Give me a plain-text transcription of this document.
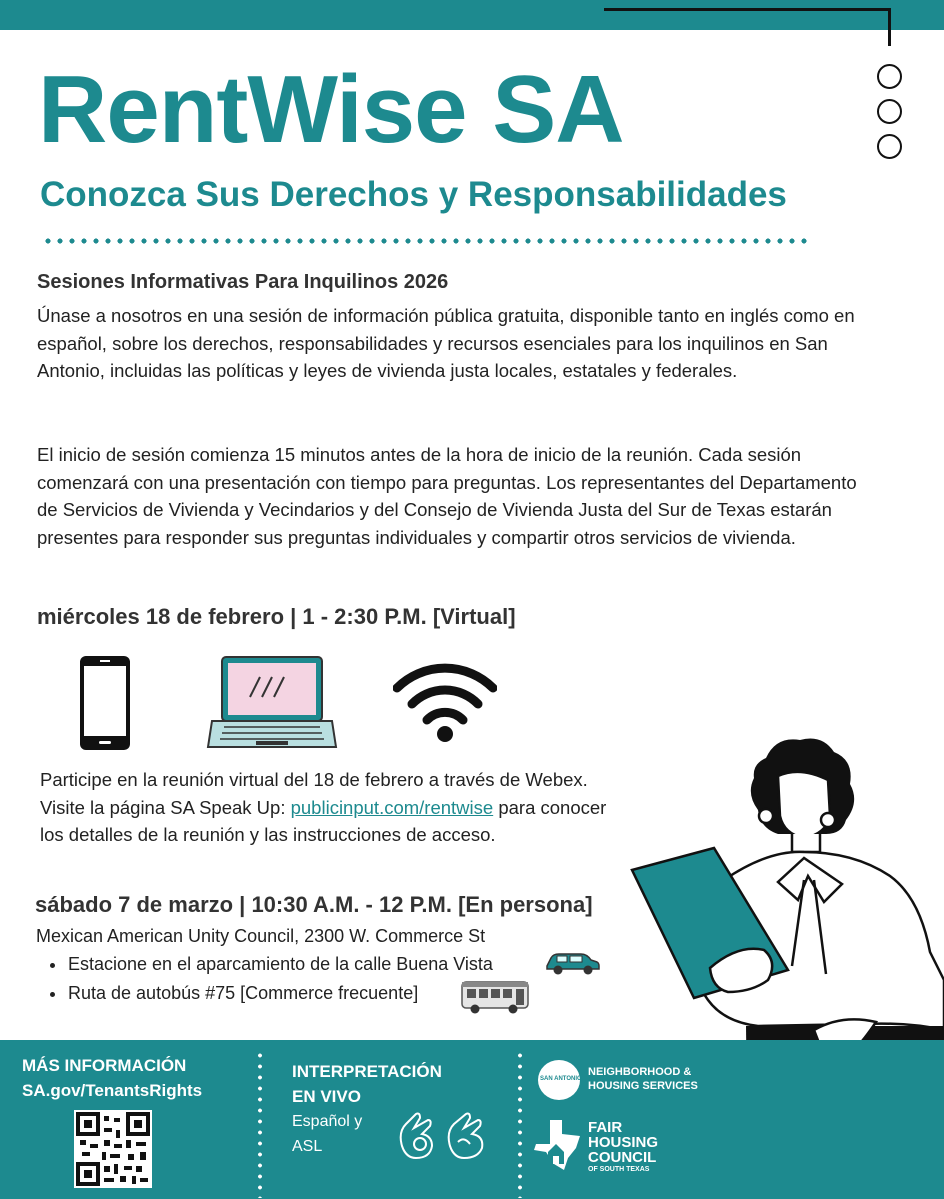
RentWise SA
Conozca Sus Derechos y Responsabilidades
Sesiones Informativas Para Inquilinos 2026

Únase a nosotros en una sesión de información pública gratuita, disponible tanto en inglés como en español, sobre los derechos, responsabilidades y recursos esenciales para los inquilinos en San Antonio, incluidas las políticas y leyes de vivienda justa locales, estatales y federales.

El inicio de sesión comienza 15 minutos antes de la hora de inicio de la reunión. Cada sesión comenzará con una presentación con tiempo para preguntas. Los representantes del Departamento de Servicios de Vivienda y Vecindarios y del Consejo de Vivienda Justa del Sur de Texas estarán presentes para responder sus preguntas individuales y compartir otros servicios de vivienda.

miércoles 18 de febrero | 1 - 2:30 P.M. [Virtual]

Participe en la reunión virtual del 18 de febrero a través de Webex. Visite la página SA Speak Up: publicinput.com/rentwise para conocer los detalles de la reunión y las instrucciones de acceso.

sábado 7 de marzo | 10:30 A.M. - 12 P.M. [En persona]

Mexican American Unity Council, 2300 W. Commerce St

Estacione en el aparcamiento de la calle Buena Vista
Ruta de autobús #75 [Commerce frecuente]

MÁS INFORMACIÓN

SA.gov/TenantsRights

INTERPRETACIÓN

EN VIVO

Español y

ASL

SAN ANTONIO

NEIGHBORHOOD &

HOUSING SERVICES

FAIR

HOUSING

COUNCIL

OF SOUTH TEXAS
